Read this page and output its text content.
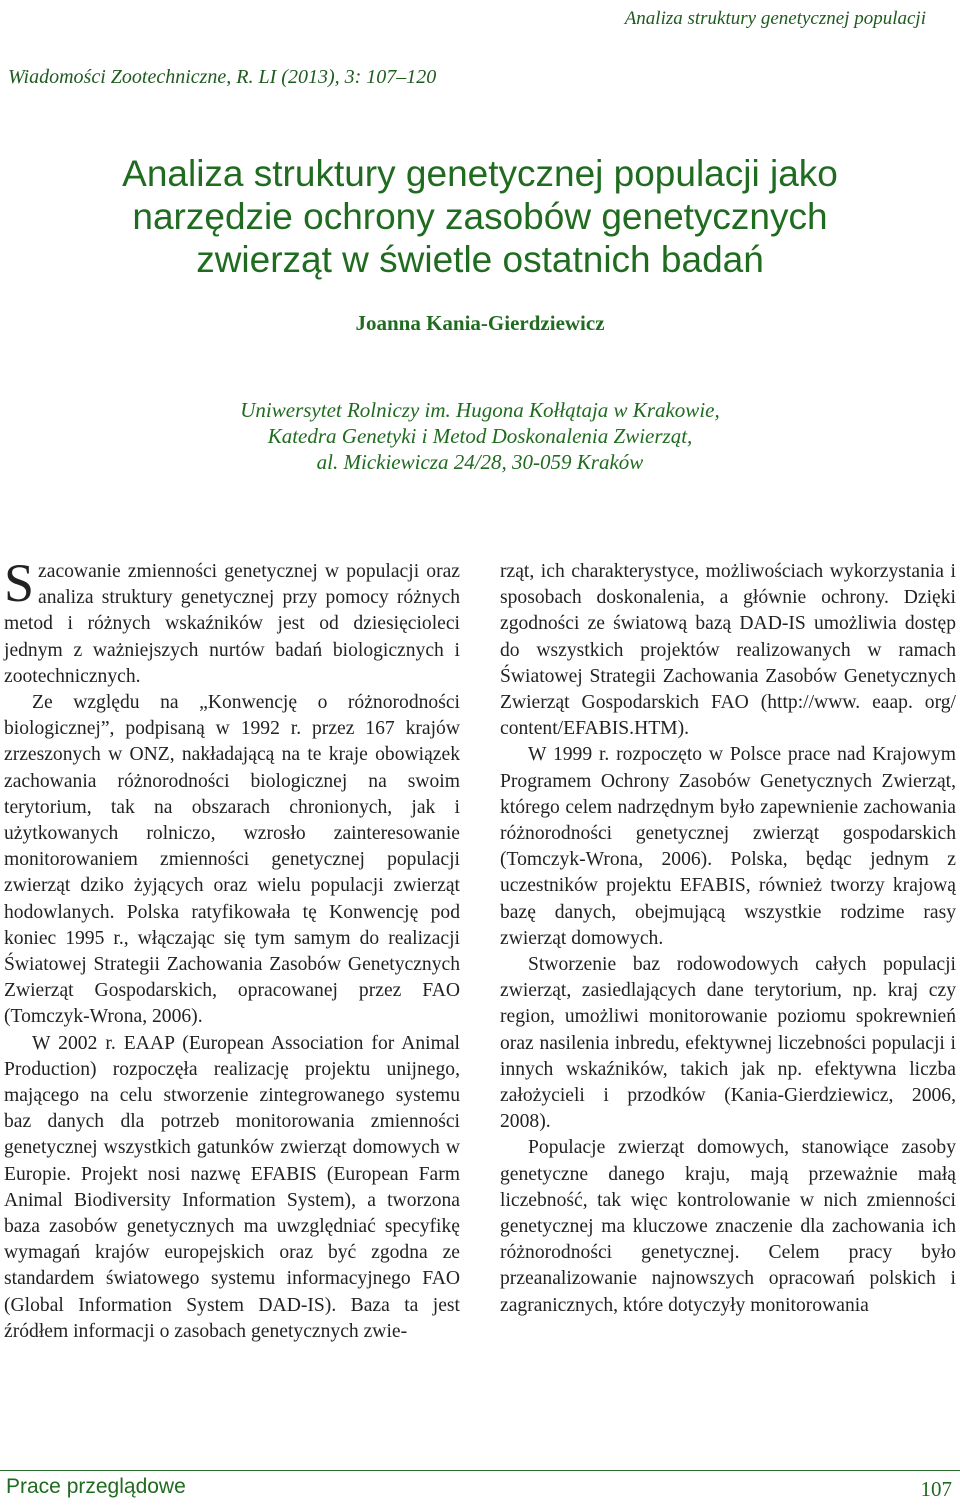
Analiza struktury genetycznej populacji
Wiadomości Zootechniczne, R. LI (2013), 3: 107–120
Analiza struktury genetycznej populacji jako
narzędzie ochrony zasobów genetycznych
zwierząt w świetle ostatnich badań
Joanna Kania-Gierdziewicz
Uniwersytet Rolniczy im. Hugona Kołłątaja w Krakowie,
Katedra Genetyki i Metod Doskonalenia Zwierząt,
al. Mickiewicza 24/28, 30-059 Kraków

Szacowanie zmienności genetycznej w populacji oraz analiza struktury genetycznej przy pomocy różnych metod i różnych wskaźników jest od dziesięcioleci jednym z ważniejszych nurtów badań biologicznych i zootechnicznych.

Ze względu na „Konwencję o różnorodności biologicznej”, podpisaną w 1992 r. przez 167 krajów zrzeszonych w ONZ, nakładającą na te kraje obowiązek zachowania różnorodności biologicznej na swoim terytorium, tak na obszarach chronionych, jak i użytkowanych rolniczo, wzrosło zainteresowanie monitorowaniem zmienności genetycznej populacji zwierząt dziko żyjących oraz wielu populacji zwierząt hodowlanych. Polska ratyfikowała tę Konwencję pod koniec 1995 r., włączając się tym samym do realizacji Światowej Strategii Zachowania Zasobów Genetycznych Zwierząt Gospodarskich, opracowanej przez FAO (Tomczyk-Wrona, 2006).

W 2002 r. EAAP (European Association for Animal Production) rozpoczęła realizację projektu unijnego, mającego na celu stworzenie zintegrowanego systemu baz danych dla potrzeb monitorowania zmienności genetycznej wszystkich gatunków zwierząt domowych w Europie. Projekt nosi nazwę EFABIS (European Farm Animal Biodiversity Information System), a tworzona baza zasobów genetycznych ma uwzględniać specyfikę wymagań krajów europejskich oraz być zgodna ze standardem światowego systemu informacyjnego FAO (Global Information System DAD-IS). Baza ta jest źródłem informacji o zasobach genetycznych zwie-

rząt, ich charakterystyce, możliwościach wykorzystania i sposobach doskonalenia, a głównie ochrony. Dzięki zgodności ze światową bazą DAD-IS umożliwia dostęp do wszystkich projektów realizowanych w ramach Światowej Strategii Zachowania Zasobów Genetycznych Zwierząt Gospodarskich FAO (http://www. eaap. org/ content/EFABIS.HTM).

W 1999 r. rozpoczęto w Polsce prace nad Krajowym Programem Ochrony Zasobów Genetycznych Zwierząt, którego celem nadrzędnym było zapewnienie zachowania różnorodności genetycznej zwierząt gospodarskich (Tomczyk-Wrona, 2006). Polska, będąc jednym z uczestników projektu EFABIS, również tworzy krajową bazę danych, obejmującą wszystkie rodzime rasy zwierząt domowych.

Stworzenie baz rodowodowych całych populacji zwierząt, zasiedlających dane terytorium, np. kraj czy region, umożliwi monitorowanie poziomu spokrewnień oraz nasilenia inbredu, efektywnej liczebności populacji i innych wskaźników, takich jak np. efektywna liczba założycieli i przodków (Kania-Gierdziewicz, 2006, 2008).

Populacje zwierząt domowych, stanowiące zasoby genetyczne danego kraju, mają przeważnie małą liczebność, tak więc kontrolowanie w nich zmienności genetycznej ma kluczowe znaczenie dla zachowania ich różnorodności genetycznej. Celem pracy było przeanalizowanie najnowszych opracowań polskich i zagranicznych, które dotyczyły monitorowania

Prace przeglądowe	107
